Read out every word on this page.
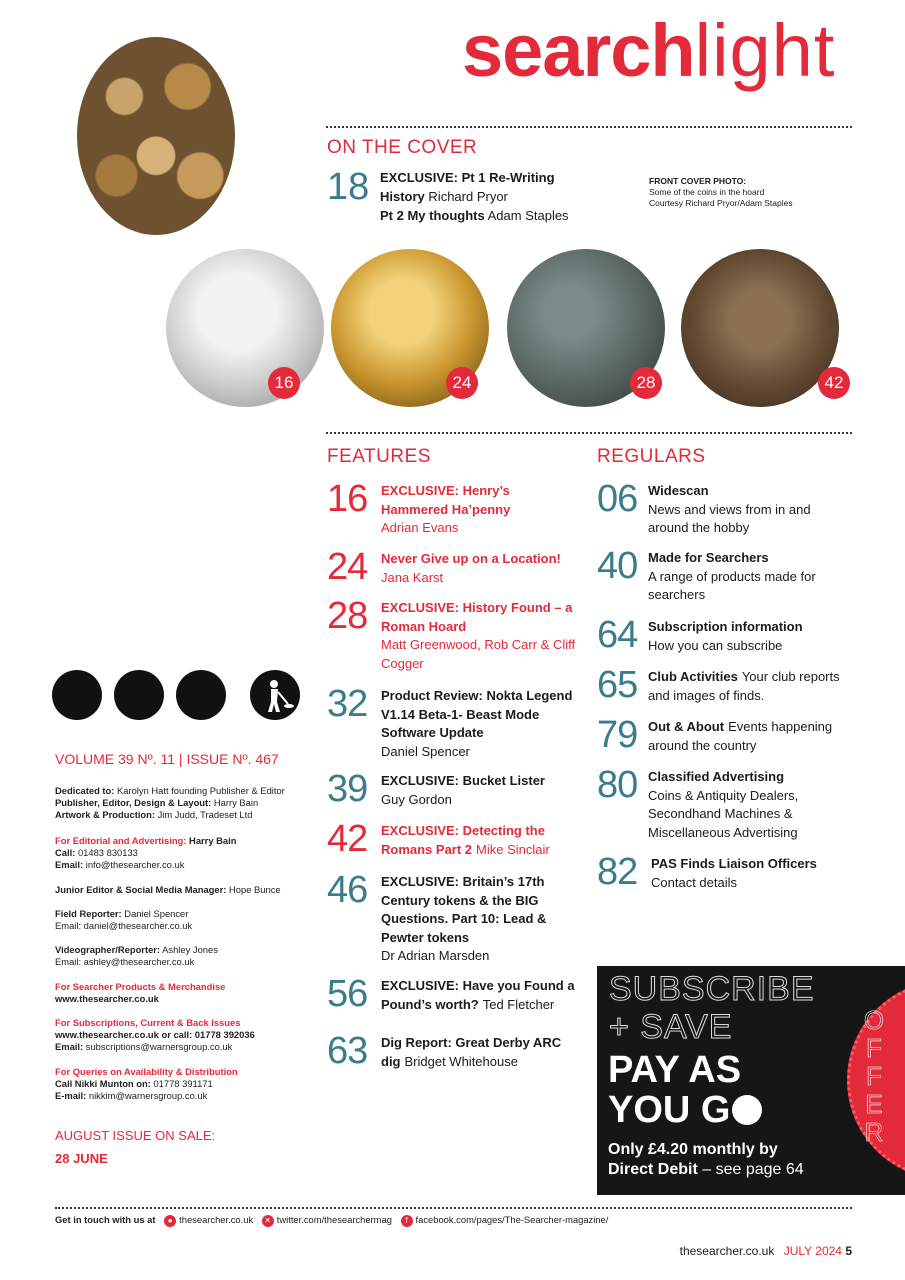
searchlight
ON THE COVER
18 EXCLUSIVE: Pt 1 Re-Writing
History Richard Pryor
Pt 2 My thoughts Adam Staples
FRONT COVER PHOTO:
Some of the coins in the hoard
Courtesy Richard Pryor/Adam Staples
16	24	28	42
FEATURES
16 EXCLUSIVE: Henry’s Hammered Ha’penny
Adrian Evans
24 Never Give up on a Location!
Jana Karst
28 EXCLUSIVE: History Found – a Roman Hoard
Matt Greenwood, Rob Carr & Cliff Cogger
32 Product Review: Nokta Legend V1.14 Beta-1- Beast Mode Software Update
Daniel Spencer
39 EXCLUSIVE: Bucket Lister
Guy Gordon
42 EXCLUSIVE: Detecting the Romans Part 2 Mike Sinclair
46 EXCLUSIVE: Britain’s 17th Century tokens & the BIG Questions. Part 10: Lead & Pewter tokens
Dr Adrian Marsden
56 EXCLUSIVE: Have you Found a Pound’s worth? Ted Fletcher
63 Dig Report: Great Derby ARC dig Bridget Whitehouse
REGULARS
06 Widescan
News and views from in and around the hobby
40 Made for Searchers
A range of products made for searchers
64 Subscription information
How you can subscribe
65 Club Activities Your club reports and images of finds.
79 Out & About Events happening around the country
80 Classified Advertising
Coins & Antiquity Dealers, Secondhand Machines & Miscellaneous Advertising
82 PAS Finds Liaison Officers
Contact details
VOLUME 39 Nº. 11 | ISSUE Nº. 467
Dedicated to: Karolyn Hatt founding Publisher & Editor
Publisher, Editor, Design & Layout: Harry Bain
Artwork & Production: Jim Judd, Tradeset Ltd
For Editorial and Advertising: Harry Bain
Call: 01483 830133
Email: info@thesearcher.co.uk
Junior Editor & Social Media Manager: Hope Bunce
Field Reporter: Daniel Spencer
Email: daniel@thesearcher.co.uk
Videographer/Reporter: Ashley Jones
Email: ashley@thesearcher.co.uk
For Searcher Products & Merchandise
www.thesearcher.co.uk
For Subscriptions, Current & Back Issues
www.thesearcher.co.uk or call: 01778 392036
Email: subscriptions@warnersgroup.co.uk
For Queries on Availability & Distribution
Call Nikki Munton on: 01778 391171
E-mail: nikkim@warnersgroup.co.uk
AUGUST ISSUE ON SALE:
28 JUNE
OFFER
SUBSCRIBE
+ SAVE
PAY AS
YOU G
Only £4.20 monthly by
Direct Debit – see page 64
Get in touch with us at ● thesearcher.co.uk ✕ twitter.com/thesearchermag f facebook.com/pages/The-Searcher-magazine/
thesearcher.co.uk JULY 2024 5
